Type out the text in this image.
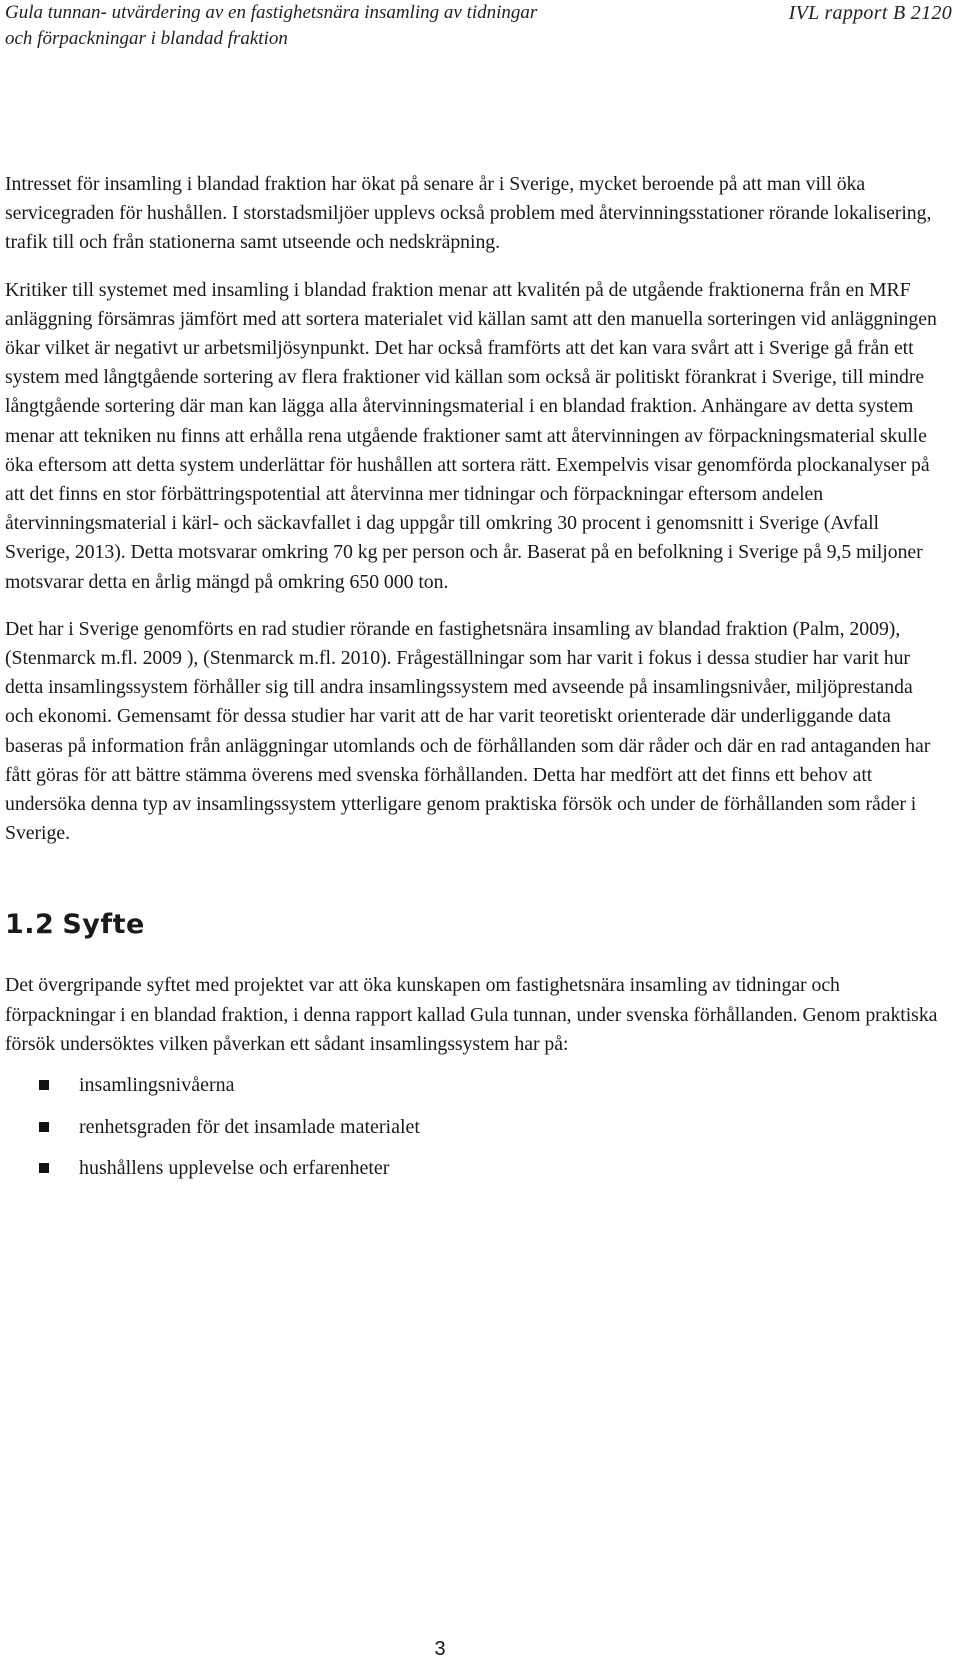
Gula tunnan- utvärdering av en fastighetsnära insamling av tidningar
och förpackningar i blandad fraktion
IVL rapport B 2120

Intresset för insamling i blandad fraktion har ökat på senare år i Sverige, mycket beroende på att man vill öka servicegraden för hushållen. I storstadsmiljöer upplevs också problem med återvinningsstationer rörande lokalisering, trafik till och från stationerna samt utseende och nedskräpning.

Kritiker till systemet med insamling i blandad fraktion menar att kvalitén på de utgående fraktionerna från en MRF anläggning försämras jämfört med att sortera materialet vid källan samt att den manuella sorteringen vid anläggningen ökar vilket är negativt ur arbetsmiljösynpunkt. Det har också framförts att det kan vara svårt att i Sverige gå från ett system med långtgående sortering av flera fraktioner vid källan som också är politiskt förankrat i Sverige, till mindre långtgående sortering där man kan lägga alla återvinningsmaterial i en blandad fraktion. Anhängare av detta system menar att tekniken nu finns att erhålla rena utgående fraktioner samt att återvinningen av förpackningsmaterial skulle öka eftersom att detta system underlättar för hushållen att sortera rätt. Exempelvis visar genomförda plockanalyser på att det finns en stor förbättringspotential att återvinna mer tidningar och förpackningar eftersom andelen återvinningsmaterial i kärl- och säckavfallet i dag uppgår till omkring 30 procent i genomsnitt i Sverige (Avfall Sverige, 2013). Detta motsvarar omkring 70 kg per person och år. Baserat på en befolkning i Sverige på 9,5 miljoner motsvarar detta en årlig mängd på omkring 650 000 ton.

Det har i Sverige genomförts en rad studier rörande en fastighetsnära insamling av blandad fraktion (Palm, 2009), (Stenmarck m.fl. 2009 ), (Stenmarck m.fl. 2010). Frågeställningar som har varit i fokus i dessa studier har varit hur detta insamlingssystem förhåller sig till andra insamlingssystem med avseende på insamlingsnivåer, miljöprestanda och ekonomi. Gemensamt för dessa studier har varit att de har varit teoretiskt orienterade där underliggande data baseras på information från anläggningar utomlands och de förhållanden som där råder och där en rad antaganden har fått göras för att bättre stämma överens med svenska förhållanden. Detta har medfört att det finns ett behov att undersöka denna typ av insamlingssystem ytterligare genom praktiska försök och under de förhållanden som råder i Sverige.

1.2 Syfte

Det övergripande syftet med projektet var att öka kunskapen om fastighetsnära insamling av tidningar och förpackningar i en blandad fraktion, i denna rapport kallad Gula tunnan, under svenska förhållanden. Genom praktiska försök undersöktes vilken påverkan ett sådant insamlingssystem har på:

insamlingsnivåerna
renhetsgraden för det insamlade materialet
hushållens upplevelse och erfarenheter
3
